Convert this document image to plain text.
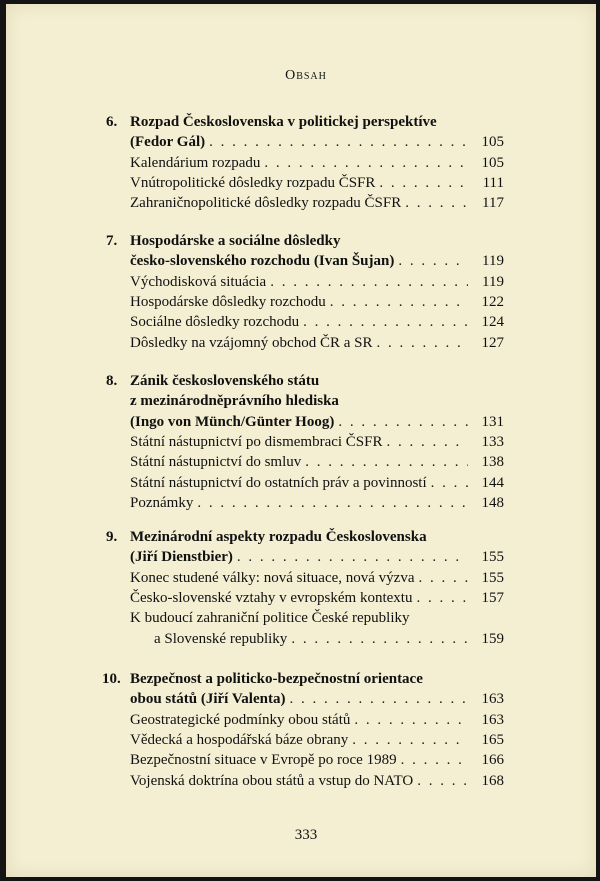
Obsah
6. Rozpad Československa v politickej perspektíve
(Fedor Gál) . . .	105
Kalendárium rozpadu . . .	105
Vnútropolitické dôsledky rozpadu ČSFR . . .	111
Zahraničnopolitické dôsledky rozpadu ČSFR . . .	117
7. Hospodárske a sociálne dôsledky
česko-slovenského rozchodu (Ivan Šujan) . . .	119
Východisková situácia . . .	119
Hospodárske dôsledky rozchodu . . .	122
Sociálne dôsledky rozchodu . . .	124
Dôsledky na vzájomný obchod ČR a SR . . .	127
8. Zánik československého státu
z mezinárodněprávního hlediska
(Ingo von Münch/Günter Hoog) . . .	131
Státní nástupnictví po dismembraci ČSFR . . .	133
Státní nástupnictví do smluv . . .	138
Státní nástupnictví do ostatních práv a povinností . . .	144
Poznámky . . .	148
9. Mezinárodní aspekty rozpadu Československa
(Jiří Dienstbier) . . .	155
Konec studené války: nová situace, nová výzva . . .	155
Česko-slovenské vztahy v evropském kontextu . . .	157
K budoucí zahraniční politice České republiky
a Slovenské republiky . . .	159
10. Bezpečnost a politicko-bezpečnostní orientace
obou států (Jiří Valenta) . . .	163
Geostrategické podmínky obou států . . .	163
Vědecká a hospodářská báze obrany . . .	165
Bezpečnostní situace v Evropě po roce 1989 . . .	166
Vojenská doktrína obou států a vstup do NATO . . .	168
333
